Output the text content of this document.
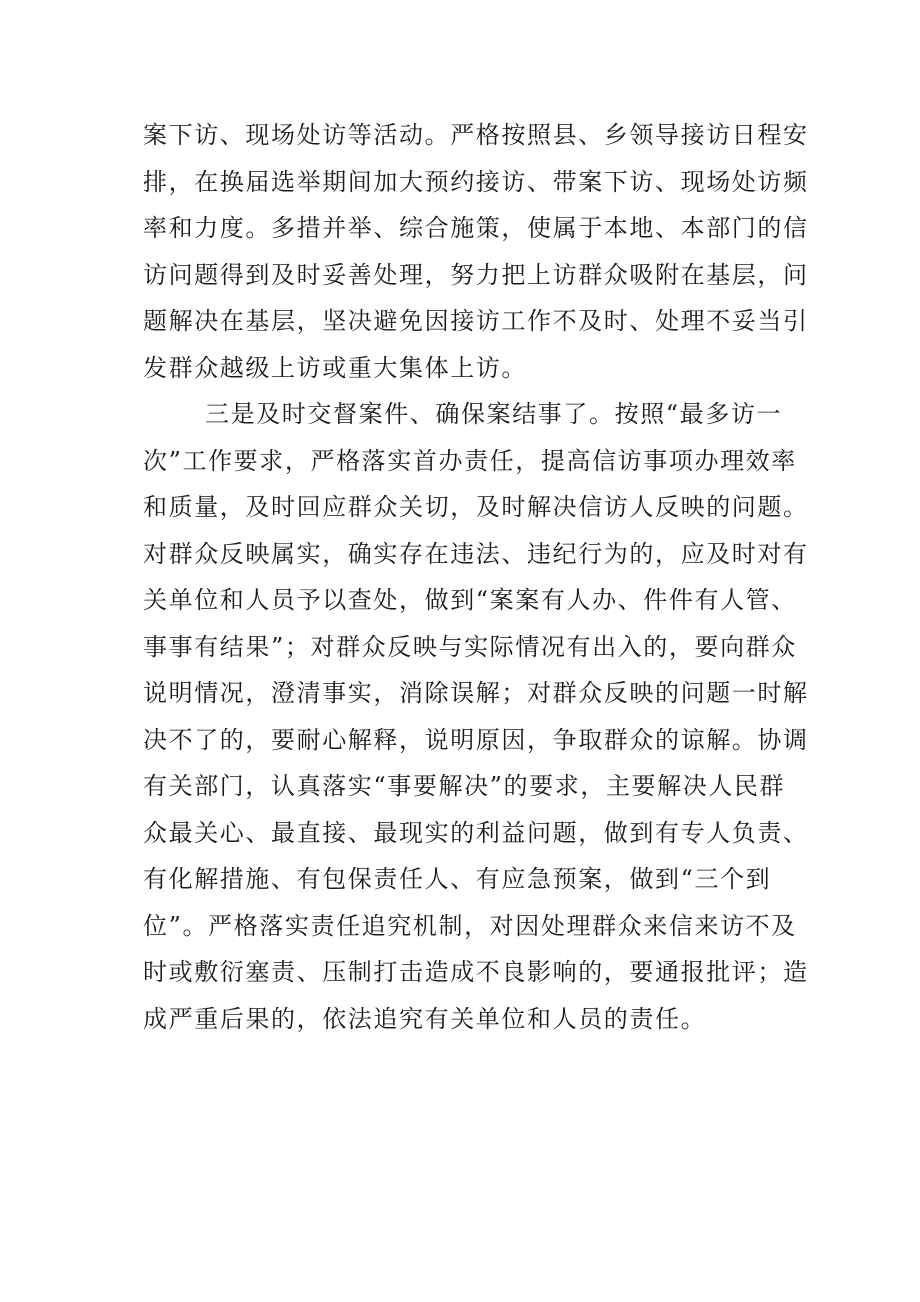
案下访、现场处访等活动。严格按照县、乡领导接访日程安
排，在换届选举期间加大预约接访、带案下访、现场处访频
率和力度。多措并举、综合施策，使属于本地、本部门的信
访问题得到及时妥善处理，努力把上访群众吸附在基层，问
题解决在基层，坚决避免因接访工作不及时、处理不妥当引
发群众越级上访或重大集体上访。
三是及时交督案件、确保案结事了。按照“最多访一
次”工作要求，严格落实首办责任，提高信访事项办理效率
和质量，及时回应群众关切，及时解决信访人反映的问题。
对群众反映属实，确实存在违法、违纪行为的，应及时对有
关单位和人员予以查处，做到“案案有人办、件件有人管、
事事有结果”；对群众反映与实际情况有出入的，要向群众
说明情况，澄清事实，消除误解；对群众反映的问题一时解
决不了的，要耐心解释，说明原因，争取群众的谅解。协调
有关部门，认真落实“事要解决”的要求，主要解决人民群
众最关心、最直接、最现实的利益问题，做到有专人负责、
有化解措施、有包保责任人、有应急预案，做到“三个到
位”。严格落实责任追究机制，对因处理群众来信来访不及
时或敷衍塞责、压制打击造成不良影响的，要通报批评；造
成严重后果的，依法追究有关单位和人员的责任。
